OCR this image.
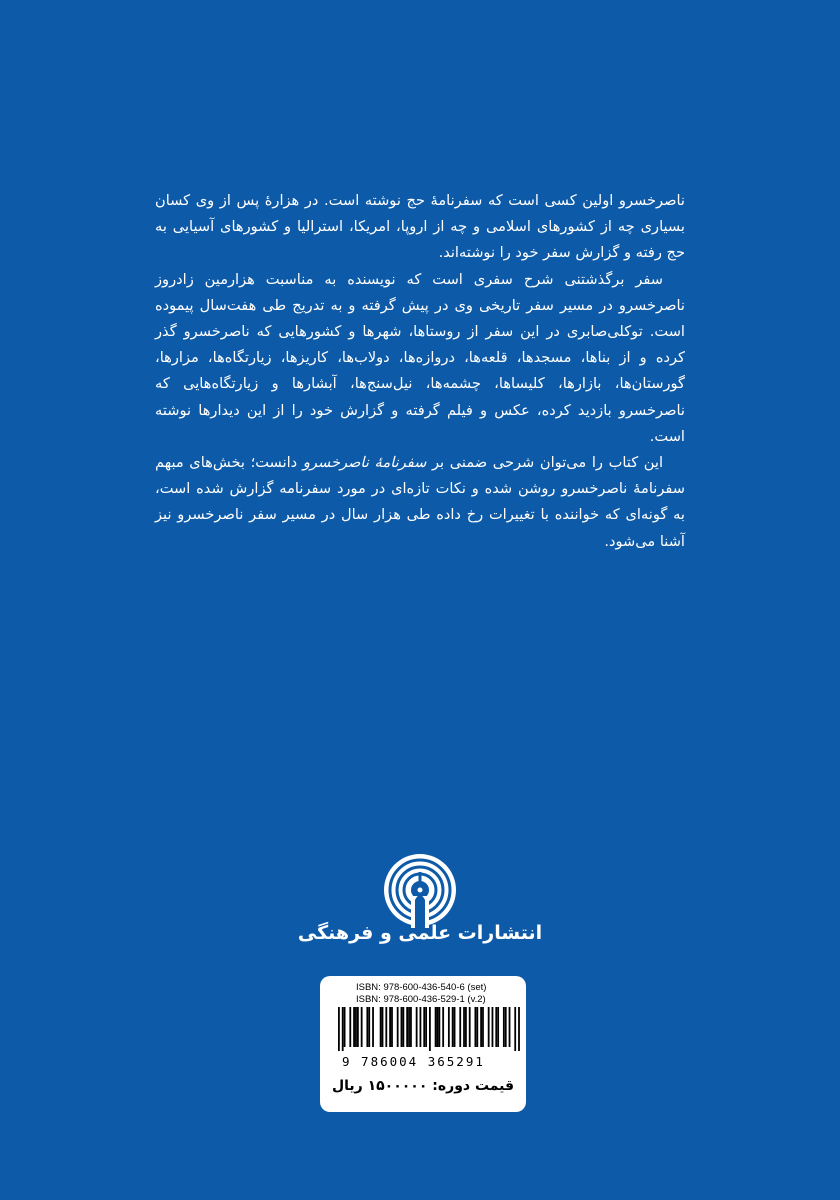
ناصرخسرو اولین کسی است که سفرنامهٔ حج نوشته است. در هزارهٔ پس از وی کسان بسیاری چه از کشورهای اسلامی و چه از اروپا، امریکا، استرالیا و کشورهای آسیایی به حج رفته و گزارش سفر خود را نوشته‌اند.

سفر برگذشتنی شرح سفری است که نویسنده به مناسبت هزارمین زادروز ناصرخسرو در مسیر سفر تاریخی وی در پیش گرفته و به تدریج طی هفت‌سال پیموده است. توکلی‌صابری در این سفر از روستاها، شهرها و کشورهایی که ناصرخسرو گذر کرده و از بناها، مسجدها، قلعه‌ها، دروازه‌ها، دولاب‌ها، کاریزها، زیارتگاه‌ها، مزارها، گورستان‌ها، بازارها، کلیساها، چشمه‌ها، نیل‌سنج‌ها، آبشارها و زیارتگاه‌هایی که ناصرخسرو بازدید کرده، عکس و فیلم گرفته و گزارش خود را از این دیدارها نوشته است.

این کتاب را می‌توان شرحی ضمنی بر سفرنامهٔ ناصرخسرو دانست؛ بخش‌های مبهم سفرنامهٔ ناصرخسرو روشن شده و نکات تازه‌ای در مورد سفرنامه گزارش شده است، به گونه‌ای که خواننده با تغییرات رخ داده طی هزار سال در مسیر سفر ناصرخسرو نیز آشنا می‌شود.

انتشارات علمی و فرهنگی
ISBN: 978-600-436-540-6 (set)
ISBN: 978-600-436-529-1 (v.2)
9 786004 365291
قیمت دوره: ۱۵۰۰۰۰۰ ریال
